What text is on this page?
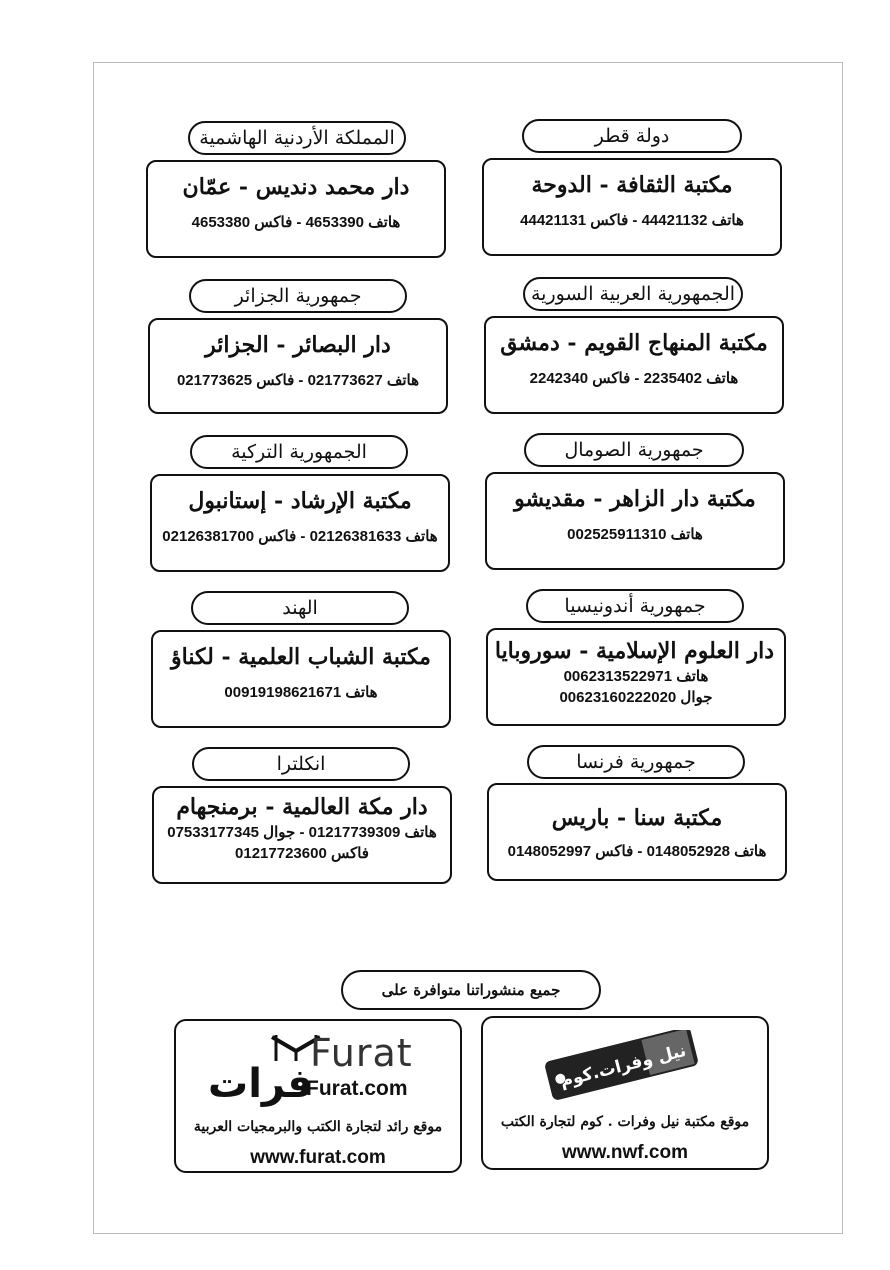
دولة قطر
مكتبة الثقافة - الدوحة
هاتف 44421132 - فاكس 44421131
المملكة الأردنية الهاشمية
دار محمد دنديس - عمّان
هاتف 4653390 - فاكس 4653380
الجمهورية العربية السورية
مكتبة المنهاج القويم - دمشق
هاتف 2235402 - فاكس 2242340
جمهورية الجزائر
دار البصائر - الجزائر
هاتف 021773627 - فاكس 021773625
جمهورية الصومال
مكتبة دار الزاهر - مقديشو
هاتف 002525911310
الجمهورية التركية
مكتبة الإرشاد - إستانبول
هاتف 02126381633 - فاكس 02126381700
جمهورية أندونيسيا
دار العلوم الإسلامية - سوروبايا
هاتف 0062313522971
جوال 00623160222020
الهند
مكتبة الشباب العلمية - لكناؤ
هاتف 00919198621671
جمهورية فرنسا
مكتبة سنا - باريس
هاتف 0148052928 - فاكس 0148052997
انكلترا
دار مكة العالمية - برمنجهام
هاتف 01217739309 - جوال 07533177345
فاكس 01217723600
جميع منشوراتنا متوافرة على
نيل وفرات.كوم
موقع مكتبة نيل وفرات . كوم لتجارة الكتب
www.nwf.com
Furat
فرات
Furat.com
موقع رائد لتجارة الكتب والبرمجيات العربية
www.furat.com
